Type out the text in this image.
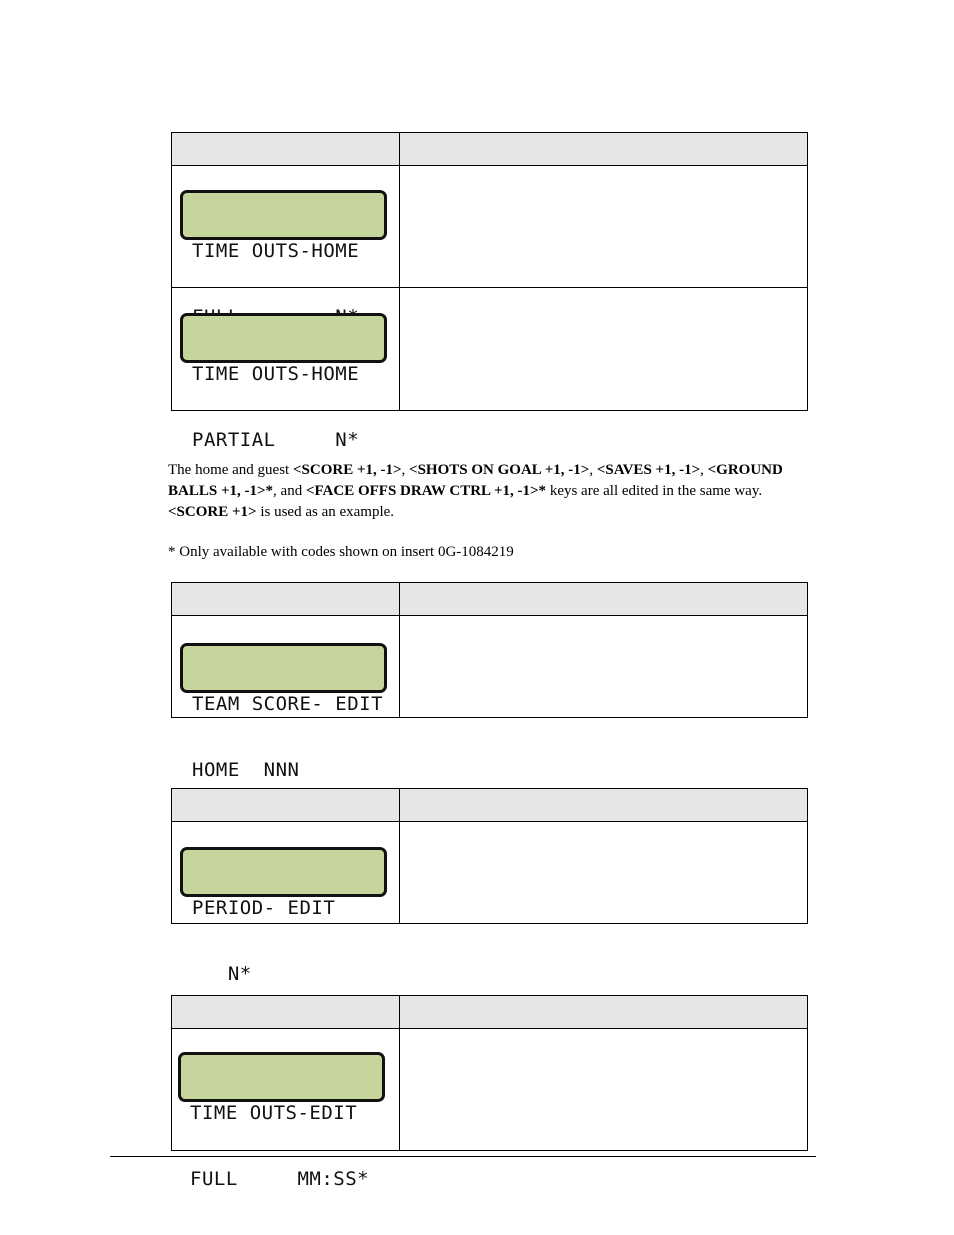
TIME OUTS-HOME	

TIME OUTS-HOME

PARTIAL     N*	

The home and guest <SCORE +1, -1>, <SHOTS ON GOAL +1, -1>, <SAVES +1, -1>, <GROUND BALLS +1, -1>*, and <FACE OFFS DRAW CTRL +1, -1>* keys are all edited in the same way. <SCORE +1> is used as an example.
* Only available with codes shown on insert 0G-1084219

TEAM SCORE- EDIT

HOME  NNN	

PERIOD- EDIT

N*	

TIME OUTS-EDIT

FULL     MM:SS*	
